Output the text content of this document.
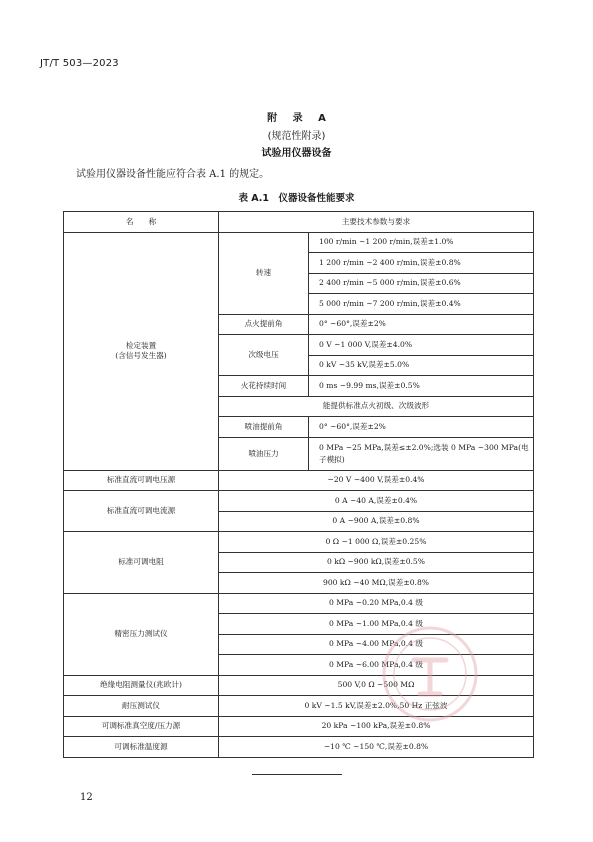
JT/T 503—2023
附 录 A
(规范性附录)
试验用仪器设备
试验用仪器设备性能应符合表 A.1 的规定。
表 A.1　仪器设备性能要求
名　　称	主要技术参数与要求	

检定装置
(含信号发生器)	转速	100 r/min ~1 200 r/min,误差±1.0%
		1 200 r/min ~2 400 r/min,误差±0.8%
		2 400 r/min ~5 000 r/min,误差±0.6%
		5 000 r/min ~7 200 r/min,误差±0.4%
	点火提前角	0° ~60°,误差±2%
	次级电压	0 V ~1 000 V,误差±4.0%
		0 kV ~35 kV,误差±5.0%
	火花持续时间	0 ms ~9.99 ms,误差±0.5%
	能提供标准点火初级、次级波形	
	喷油提前角	0° ~60°,误差±2%
	喷油压力	0 MPa ~25 MPa,误差≤±2.0%;选装 0 MPa ~300 MPa(电子模拟)

标准直流可调电压源	−20 V ~400 V,误差±0.4%	
标准直流可调电流源	0 A ~40 A,误差±0.4%	
	0 A ~900 A,误差±0.8%	
标准可调电阻	0 Ω ~1 000 Ω,误差±0.25%	
	0 kΩ ~900 kΩ,误差±0.5%	
	900 kΩ ~40 MΩ,误差±0.8%	
精密压力测试仪	0 MPa ~0.20 MPa,0.4 级	
	0 MPa ~1.00 MPa,0.4 级	
	0 MPa ~4.00 MPa,0.4 级	
	0 MPa ~6.00 MPa,0.4 级	
绝缘电阻测量仪(兆欧计)	500 V,0 Ω ~500 MΩ	
耐压测试仪	0 kV ~1.5 kV,误差±2.0%,50 Hz 正弦波	
可调标准真空度/压力源	20 kPa ~100 kPa,误差±0.8%	
可调标准温度源	−10 ℃ ~150 ℃,误差±0.8%	
12
